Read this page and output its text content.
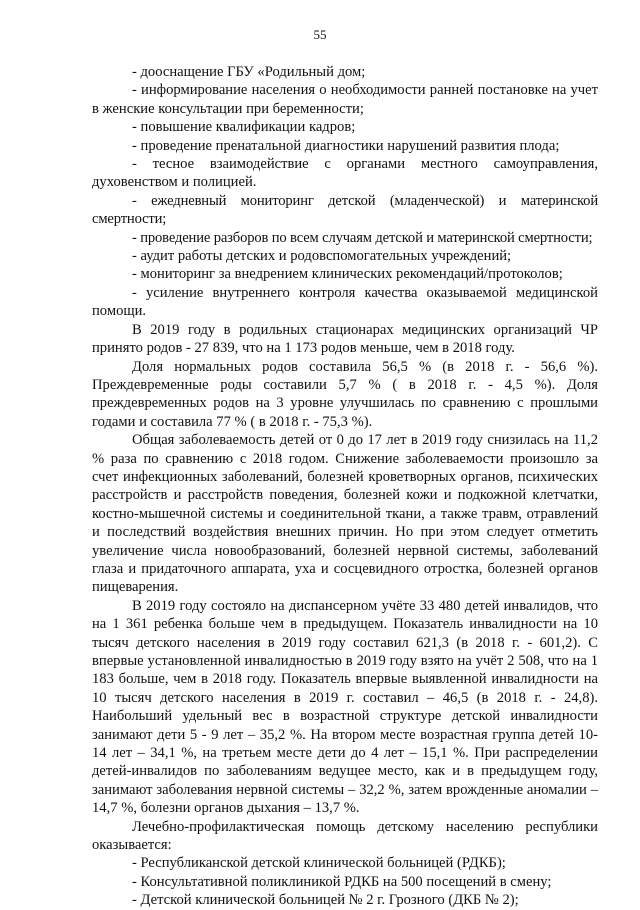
55

- дооснащение ГБУ «Родильный дом;

- информирование населения о необходимости ранней постановке на учет в женские консультации при беременности;

- повышение квалификации кадров;

- проведение пренатальной диагностики нарушений развития плода;

- тесное взаимодействие с органами местного самоуправления, духовенством и полицией.

- ежедневный мониторинг детской (младенческой) и материнской смертности;

- проведение разборов по всем случаям детской и материнской смертности;

- аудит работы детских и родовспомогательных учреждений;

- мониторинг за внедрением клинических рекомендаций/протоколов;

- усиление внутреннего контроля качества оказываемой медицинской помощи.

В 2019 году в родильных стационарах медицинских организаций ЧР принято родов - 27 839, что на 1 173 родов меньше, чем в 2018 году.

Доля нормальных родов составила 56,5 % (в 2018 г. - 56,6 %). Преждевременные роды составили 5,7 % ( в 2018 г. - 4,5 %). Доля преждевременных родов на 3 уровне улучшилась по сравнению с прошлыми годами и составила 77 % ( в 2018 г. - 75,3 %).

Общая заболеваемость детей от 0 до 17 лет в 2019 году снизилась на 11,2 % раза по сравнению с 2018 годом. Снижение заболеваемости произошло за счет инфекционных заболеваний, болезней кроветворных органов, психических расстройств и расстройств поведения, болезней кожи и подкожной клетчатки, костно-мышечной системы и соединительной ткани, а также травм, отравлений и последствий воздействия внешних причин. Но при этом следует отметить увеличение числа новообразований, болезней нервной системы, заболеваний глаза и придаточного аппарата, уха и сосцевидного отростка, болезней органов пищеварения.

В 2019 году состояло на диспансерном учёте 33 480 детей инвалидов, что на 1 361 ребенка больше чем в предыдущем. Показатель инвалидности на 10 тысяч детского населения в 2019 году составил 621,3 (в 2018 г. - 601,2). С впервые установленной инвалидностью в 2019 году взято на учёт 2 508, что на 1 183 больше, чем в 2018 году. Показатель впервые выявленной инвалидности на 10 тысяч детского населения в 2019 г. составил – 46,5 (в 2018 г. - 24,8). Наибольший удельный вес в возрастной структуре детской инвалидности занимают дети 5 - 9 лет – 35,2 %. На втором месте возрастная группа детей 10-14 лет – 34,1 %, на третьем месте дети до 4 лет – 15,1 %. При распределении детей-инвалидов по заболеваниям ведущее место, как и в предыдущем году, занимают заболевания нервной системы – 32,2 %, затем врожденные аномалии – 14,7 %, болезни органов дыхания – 13,7 %.

Лечебно-профилактическая помощь детскому населению республики оказывается:

- Республиканской детской клинической больницей (РДКБ);

- Консультативной поликлиникой РДКБ на 500 посещений в смену;

- Детской клинической больницей № 2 г. Грозного (ДКБ № 2);
